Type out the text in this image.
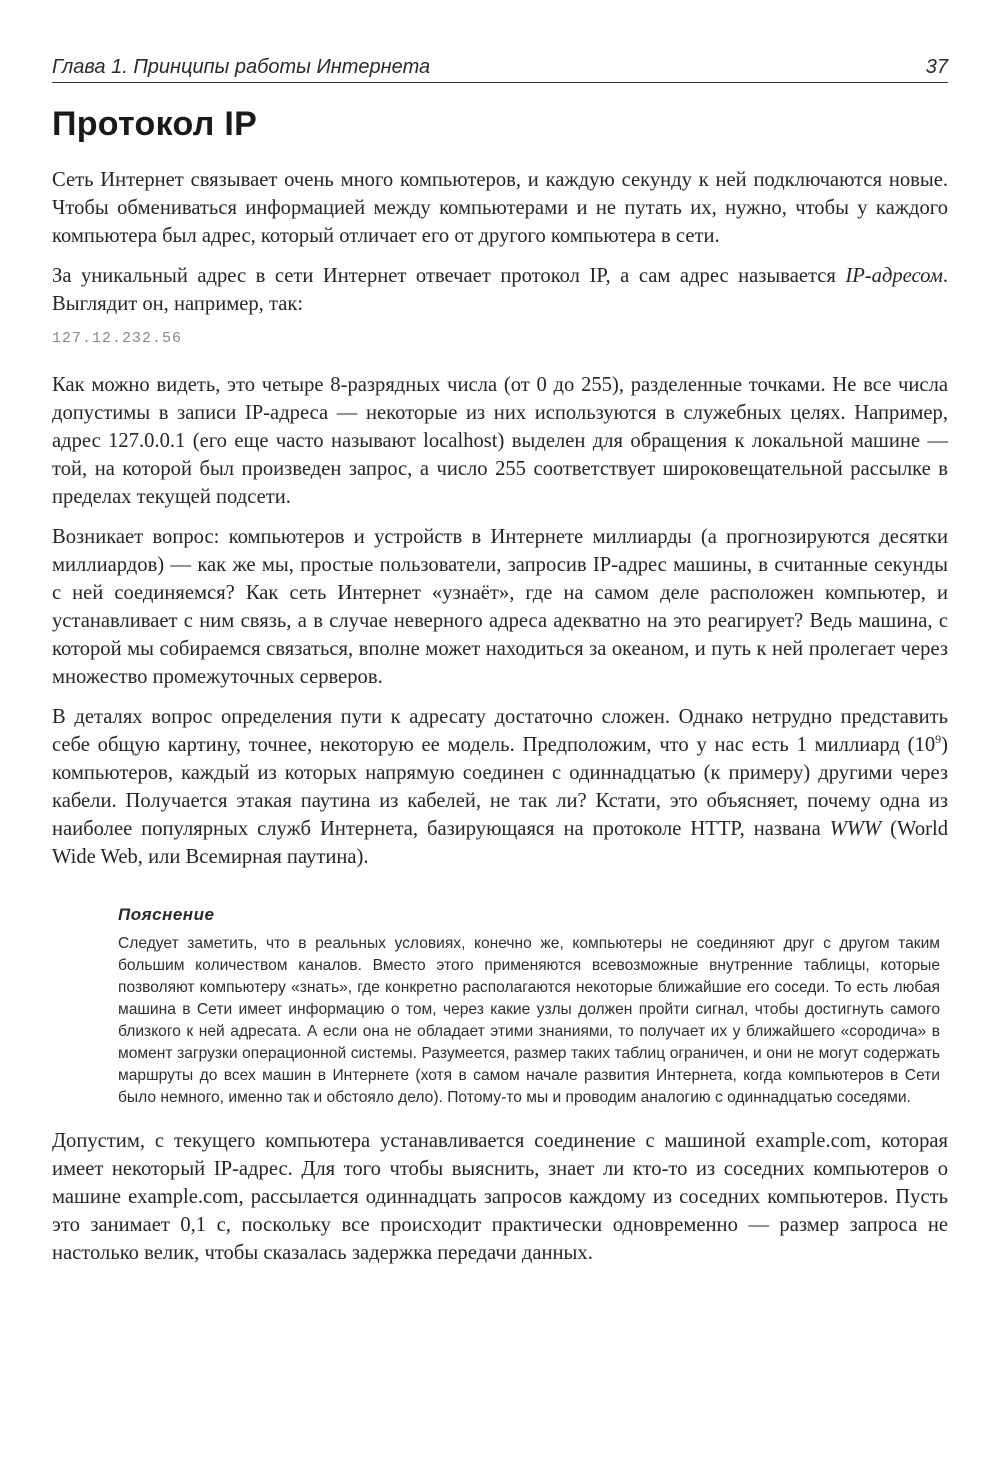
Глава 1. Принципы работы Интернета	37
Протокол IP

Сеть Интернет связывает очень много компьютеров, и каждую секунду к ней подключаются новые. Чтобы обмениваться информацией между компьютерами и не путать их, нужно, чтобы у каждого компьютера был адрес, который отличает его от другого компьютера в сети.

За уникальный адрес в сети Интернет отвечает протокол IP, а сам адрес называется IP-адресом. Выглядит он, например, так:

127.12.232.56

Как можно видеть, это четыре 8-разрядных числа (от 0 до 255), разделенные точками. Не все числа допустимы в записи IP-адреса — некоторые из них используются в служебных целях. Например, адрес 127.0.0.1 (его еще часто называют localhost) выделен для обращения к локальной машине — той, на которой был произведен запрос, а число 255 соответствует широковещательной рассылке в пределах текущей подсети.

Возникает вопрос: компьютеров и устройств в Интернете миллиарды (а прогнозируются десятки миллиардов) — как же мы, простые пользователи, запросив IP-адрес машины, в считанные секунды с ней соединяемся? Как сеть Интернет «узнаёт», где на самом деле расположен компьютер, и устанавливает с ним связь, а в случае неверного адреса адекватно на это реагирует? Ведь машина, с которой мы собираемся связаться, вполне может находиться за океаном, и путь к ней пролегает через множество промежуточных серверов.

В деталях вопрос определения пути к адресату достаточно сложен. Однако нетрудно представить себе общую картину, точнее, некоторую ее модель. Предположим, что у нас есть 1 миллиард $(10^9)$ компьютеров, каждый из которых напрямую соединен с одиннадцатью (к примеру) другими через кабели. Получается этакая паутина из кабелей, не так ли? Кстати, это объясняет, почему одна из наиболее популярных служб Интернета, базирующаяся на протоколе HTTP, названа WWW (World Wide Web, или Всемирная паутина).

Пояснение
Следует заметить, что в реальных условиях, конечно же, компьютеры не соединяют друг с другом таким большим количеством каналов. Вместо этого применяются всевозможные внутренние таблицы, которые позволяют компьютеру «знать», где конкретно располагаются некоторые ближайшие его соседи. То есть любая машина в Сети имеет информацию о том, через какие узлы должен пройти сигнал, чтобы достигнуть самого близкого к ней адресата. А если она не обладает этими знаниями, то получает их у ближайшего «сородича» в момент загрузки операционной системы. Разумеется, размер таких таблиц ограничен, и они не могут содержать маршруты до всех машин в Интернете (хотя в самом начале развития Интернета, когда компьютеров в Сети было немного, именно так и обстояло дело). Потому-то мы и проводим аналогию с одиннадцатью соседями.

Допустим, с текущего компьютера устанавливается соединение с машиной example.com, которая имеет некоторый IP-адрес. Для того чтобы выяснить, знает ли кто-то из соседних компьютеров о машине example.com, рассылается одиннадцать запросов каждому из соседних компьютеров. Пусть это занимает 0,1 с, поскольку все происходит практически одновременно — размер запроса не настолько велик, чтобы сказалась задержка передачи данных.
